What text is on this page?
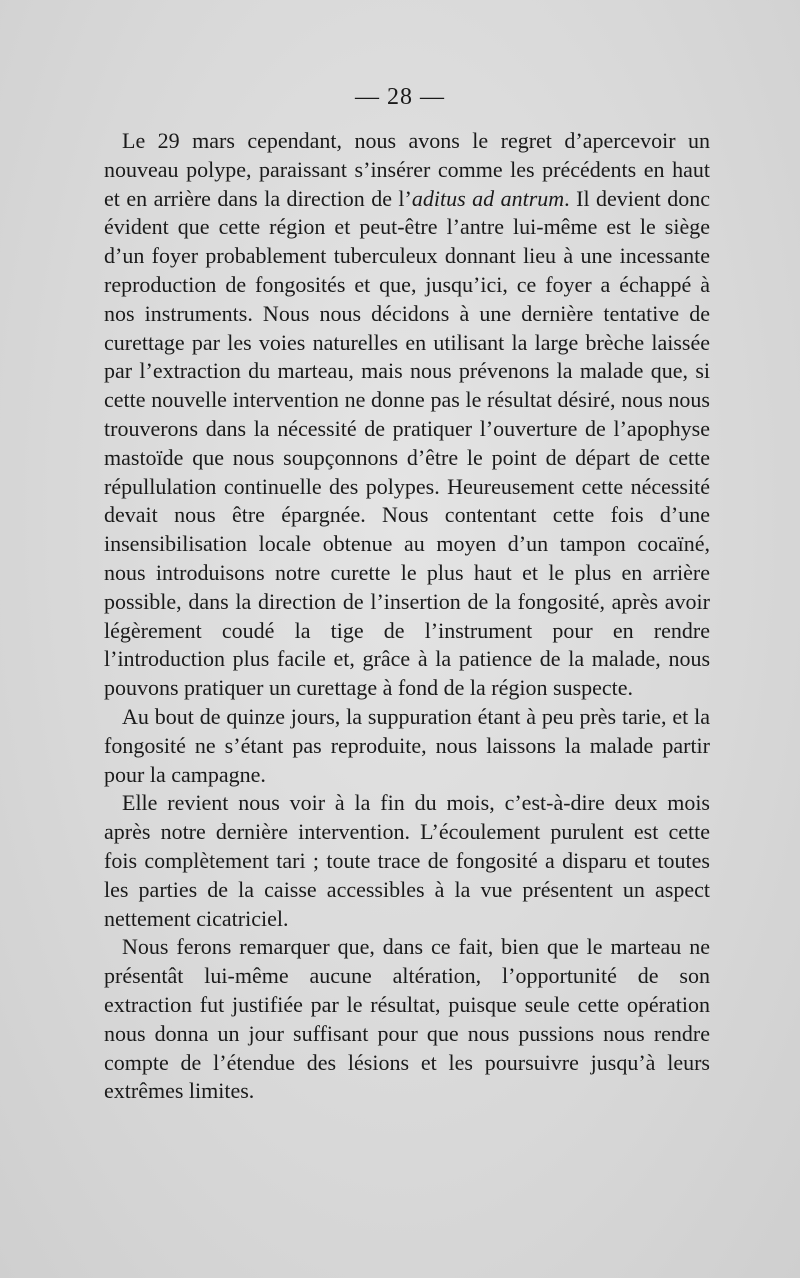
— 28 —

Le 29 mars cependant, nous avons le regret d’apercevoir un nouveau polype, paraissant s’insérer comme les précédents en haut et en arrière dans la direction de l’aditus ad antrum. Il devient donc évident que cette région et peut-être l’antre lui-même est le siège d’un foyer probablement tuberculeux donnant lieu à une incessante reproduction de fongosités et que, jusqu’ici, ce foyer a échappé à nos instruments. Nous nous décidons à une dernière tentative de curettage par les voies naturelles en utilisant la large brèche laissée par l’extraction du marteau, mais nous prévenons la malade que, si cette nouvelle intervention ne donne pas le résultat désiré, nous nous trouverons dans la nécessité de pratiquer l’ouverture de l’apophyse mastoïde que nous soupçonnons d’être le point de départ de cette répullulation continuelle des polypes. Heureusement cette nécessité devait nous être épargnée. Nous contentant cette fois d’une insensibilisation locale obtenue au moyen d’un tampon cocaïné, nous introduisons notre curette le plus haut et le plus en arrière possible, dans la direction de l’insertion de la fongosité, après avoir légèrement coudé la tige de l’instrument pour en rendre l’introduction plus facile et, grâce à la patience de la malade, nous pouvons pratiquer un curettage à fond de la région suspecte.

Au bout de quinze jours, la suppuration étant à peu près tarie, et la fongosité ne s’étant pas reproduite, nous laissons la malade partir pour la campagne.

Elle revient nous voir à la fin du mois, c’est-à-dire deux mois après notre dernière intervention. L’écoulement purulent est cette fois complètement tari ; toute trace de fongosité a disparu et toutes les parties de la caisse accessibles à la vue présentent un aspect nettement cicatriciel.

Nous ferons remarquer que, dans ce fait, bien que le marteau ne présentât lui-même aucune altération, l’opportunité de son extraction fut justifiée par le résultat, puisque seule cette opération nous donna un jour suffisant pour que nous pussions nous rendre compte de l’étendue des lésions et les poursuivre jusqu’à leurs extrêmes limites.
